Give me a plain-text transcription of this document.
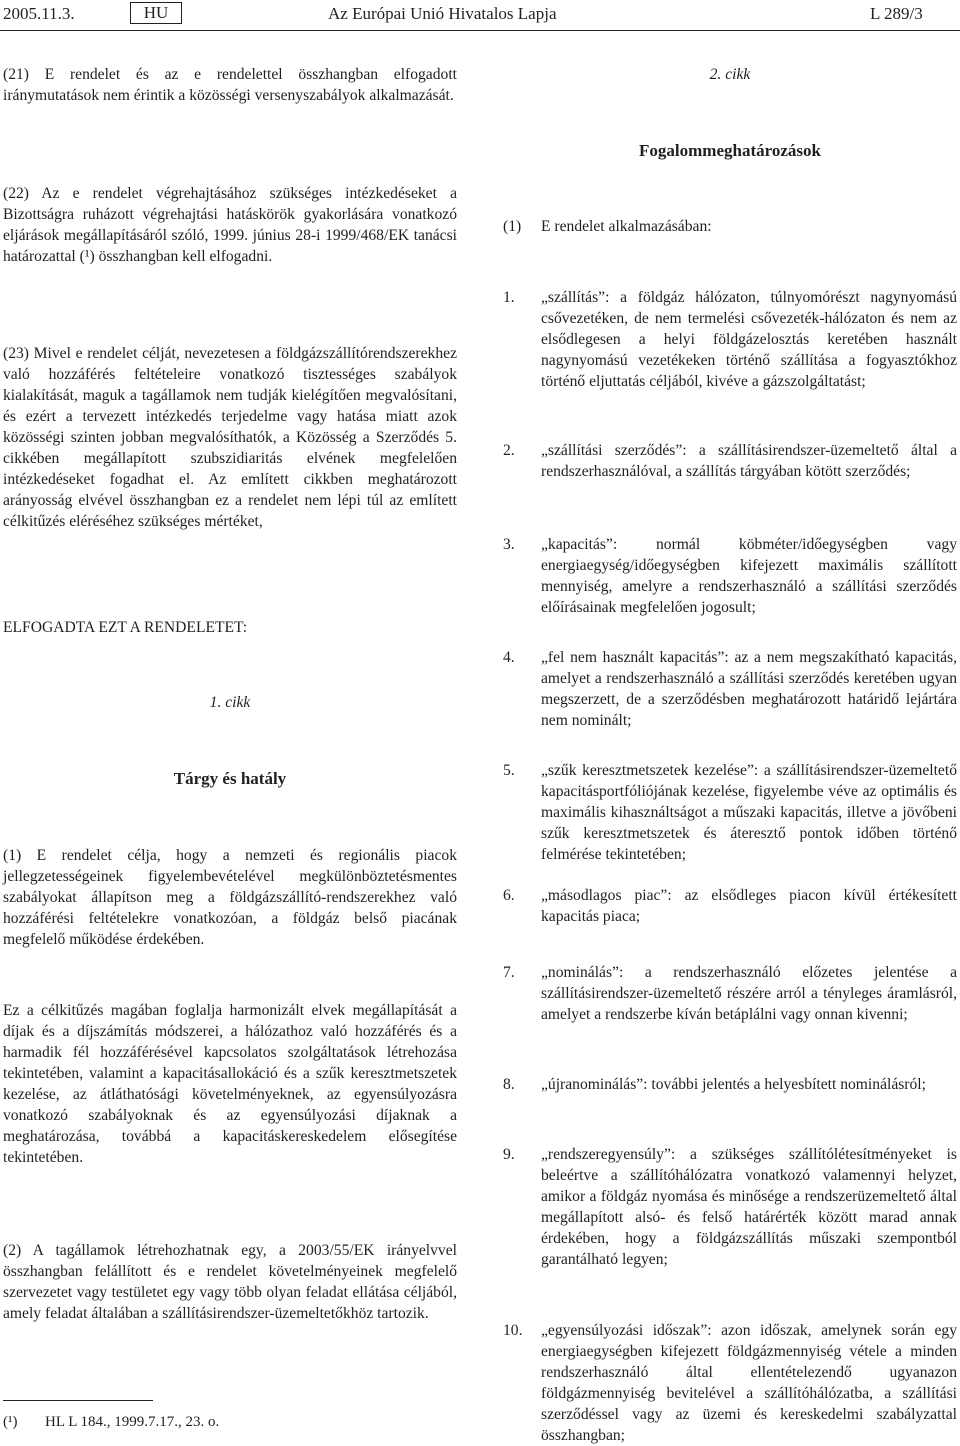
2005.11.3.	HU	Az Európai Unió Hivatalos Lapja	L 289/3
(21) E rendelet és az e rendelettel összhangban elfogadott iránymutatások nem érintik a közösségi versenyszabályok alkalmazását.
(22) Az e rendelet végrehajtásához szükséges intézkedéseket a Bizottságra ruházott végrehajtási hatáskörök gyakorlására vonatkozó eljárások megállapításáról szóló, 1999. június 28-i 1999/468/EK tanácsi határozattal (¹) összhangban kell elfogadni.
(23) Mivel e rendelet célját, nevezetesen a földgázszállítórendszerekhez való hozzáférés feltételeire vonatkozó tisztességes szabályok kialakítását, maguk a tagállamok nem tudják kielégítően megvalósítani, és ezért a tervezett intézkedés terjedelme vagy hatása miatt azok közösségi szinten jobban megvalósíthatók, a Közösség a Szerződés 5. cikkében megállapított szubszidiaritás elvének megfelelően intézkedéseket fogadhat el. Az említett cikkben meghatározott arányosság elvével összhangban ez a rendelet nem lépi túl az említett célkitűzés eléréséhez szükséges mértéket,
ELFOGADTA EZT A RENDELETET:
1. cikk
Tárgy és hatály
(1) E rendelet célja, hogy a nemzeti és regionális piacok jellegzetességeinek figyelembevételével megkülönböztetésmentes szabályokat állapítson meg a földgázszállító-rendszerekhez való hozzáférési feltételekre vonatkozóan, a földgáz belső piacának megfelelő működése érdekében.
Ez a célkitűzés magában foglalja harmonizált elvek megállapítását a díjak és a díjszámítás módszerei, a hálózathoz való hozzáférés és a harmadik fél hozzáférésével kapcsolatos szolgáltatások létrehozása tekintetében, valamint a kapacitásallokáció és a szűk keresztmetszetek kezelése, az átláthatósági követelményeknek, az egyensúlyozásra vonatkozó szabályoknak és az egyensúlyozási díjaknak a meghatározása, továbbá a kapacitáskereskedelem elősegítése tekintetében.
(2) A tagállamok létrehozhatnak egy, a 2003/55/EK irányelvvel összhangban felállított és e rendelet követelményeinek megfelelő szervezetet vagy testületet egy vagy több olyan feladat ellátása céljából, amely feladat általában a szállításirendszer-üzemeltetőkhöz tartozik.
(¹) HL L 184., 1999.7.17., 23. o.
2. cikk
Fogalommeghatározások
(1) E rendelet alkalmazásában:
1. „szállítás”: a földgáz hálózaton, túlnyomórészt nagynyomású csővezetéken, de nem termelési csővezeték-hálózaton és nem az elsődlegesen a helyi földgázelosztás keretében használt nagynyomású vezetékeken történő szállítása a fogyasztókhoz történő eljuttatás céljából, kivéve a gázszolgáltatást;
2. „szállítási szerződés”: a szállításirendszer-üzemeltető által a rendszerhasználóval, a szállítás tárgyában kötött szerződés;
3. „kapacitás”: normál köbméter/időegységben vagy energiaegység/időegységben kifejezett maximális szállított mennyiség, amelyre a rendszerhasználó a szállítási szerződés előírásainak megfelelően jogosult;
4. „fel nem használt kapacitás”: az a nem megszakítható kapacitás, amelyet a rendszerhasználó a szállítási szerződés keretében ugyan megszerzett, de a szerződésben meghatározott határidő lejártára nem nominált;
5. „szűk keresztmetszetek kezelése”: a szállításirendszer-üzemeltető kapacitásportfóliójának kezelése, figyelembe véve az optimális és maximális kihasználtságot a műszaki kapacitás, illetve a jövőbeni szűk keresztmetszetek és áteresztő pontok időben történő felmérése tekintetében;
6. „másodlagos piac”: az elsődleges piacon kívül értékesített kapacitás piaca;
7. „nominálás”: a rendszerhasználó előzetes jelentése a szállításirendszer-üzemeltető részére arról a tényleges áramlásról, amelyet a rendszerbe kíván betáplálni vagy onnan kivenni;
8. „újranominálás”: további jelentés a helyesbített nominálásról;
9. „rendszeregyensúly”: a szükséges szállítólétesítményeket is beleértve a szállítóhálózatra vonatkozó valamennyi helyzet, amikor a földgáz nyomása és minősége a rendszerüzemeltető által megállapított alsó- és felső határérték között marad annak érdekében, hogy a földgázszállítás műszaki szempontból garantálható legyen;
10. „egyensúlyozási időszak”: azon időszak, amelynek során egy energiaegységben kifejezett földgázmennyiség vétele a minden rendszerhasználó által ellentételezendő ugyanazon földgázmennyiség bevitelével a szállítóhálózatba, a szállítási szerződéssel vagy az üzemi és kereskedelmi szabályzattal összhangban;
